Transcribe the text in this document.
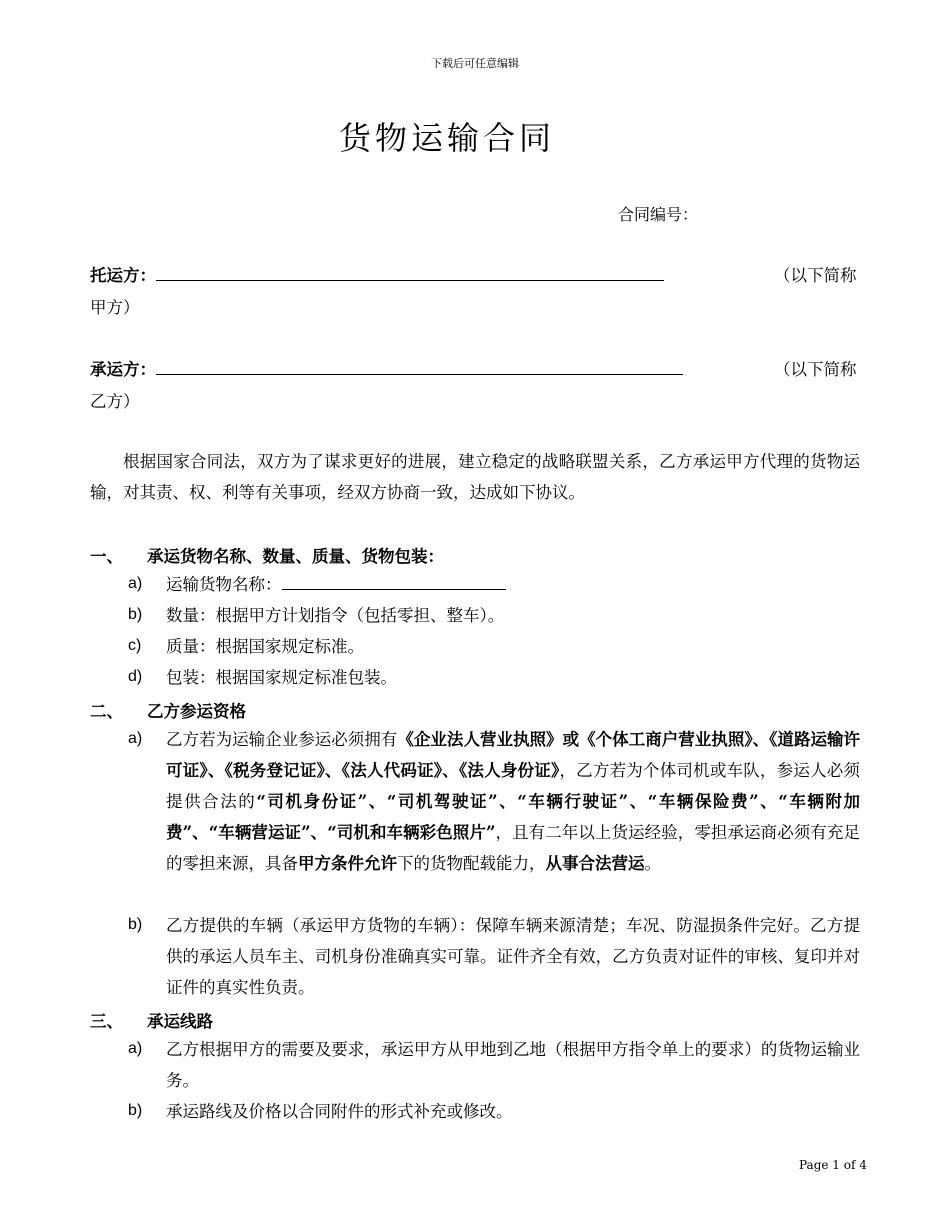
下载后可任意编辑
货物运输合同
合同编号：
托运方：	（以下简称
甲方）
承运方：	（以下简称
乙方）
根据国家合同法，双方为了谋求更好的进展，建立稳定的战略联盟关系，乙方承运甲方代理的货物运输，对其责、权、利等有关事项，经双方协商一致，达成如下协议。
一、 承运货物名称、数量、质量、货物包装：
a) 运输货物名称：
b) 数量：根据甲方计划指令（包括零担、整车）。
c) 质量：根据国家规定标准。
d) 包装：根据国家规定标准包装。
二、 乙方参运资格
a) 乙方若为运输企业参运必须拥有《企业法人营业执照》或《个体工商户营业执照》、《道路运输许可证》、《税务登记证》、《法人代码证》、《法人身份证》，乙方若为个体司机或车队，参运人必须提供合法的“司机身份证”、“司机驾驶证”、“车辆行驶证”、“车辆保险费”、“车辆附加费”、“车辆营运证”、“司机和车辆彩色照片”，且有二年以上货运经验，零担承运商必须有充足的零担来源，具备甲方条件允许下的货物配载能力，从事合法营运。
b) 乙方提供的车辆（承运甲方货物的车辆）：保障车辆来源清楚；车况、防湿损条件完好。乙方提供的承运人员车主、司机身份准确真实可靠。证件齐全有效，乙方负责对证件的审核、复印并对证件的真实性负责。
三、 承运线路
a) 乙方根据甲方的需要及要求，承运甲方从甲地到乙地（根据甲方指令单上的要求）的货物运输业务。
b) 承运路线及价格以合同附件的形式补充或修改。
Page 1 of 4
